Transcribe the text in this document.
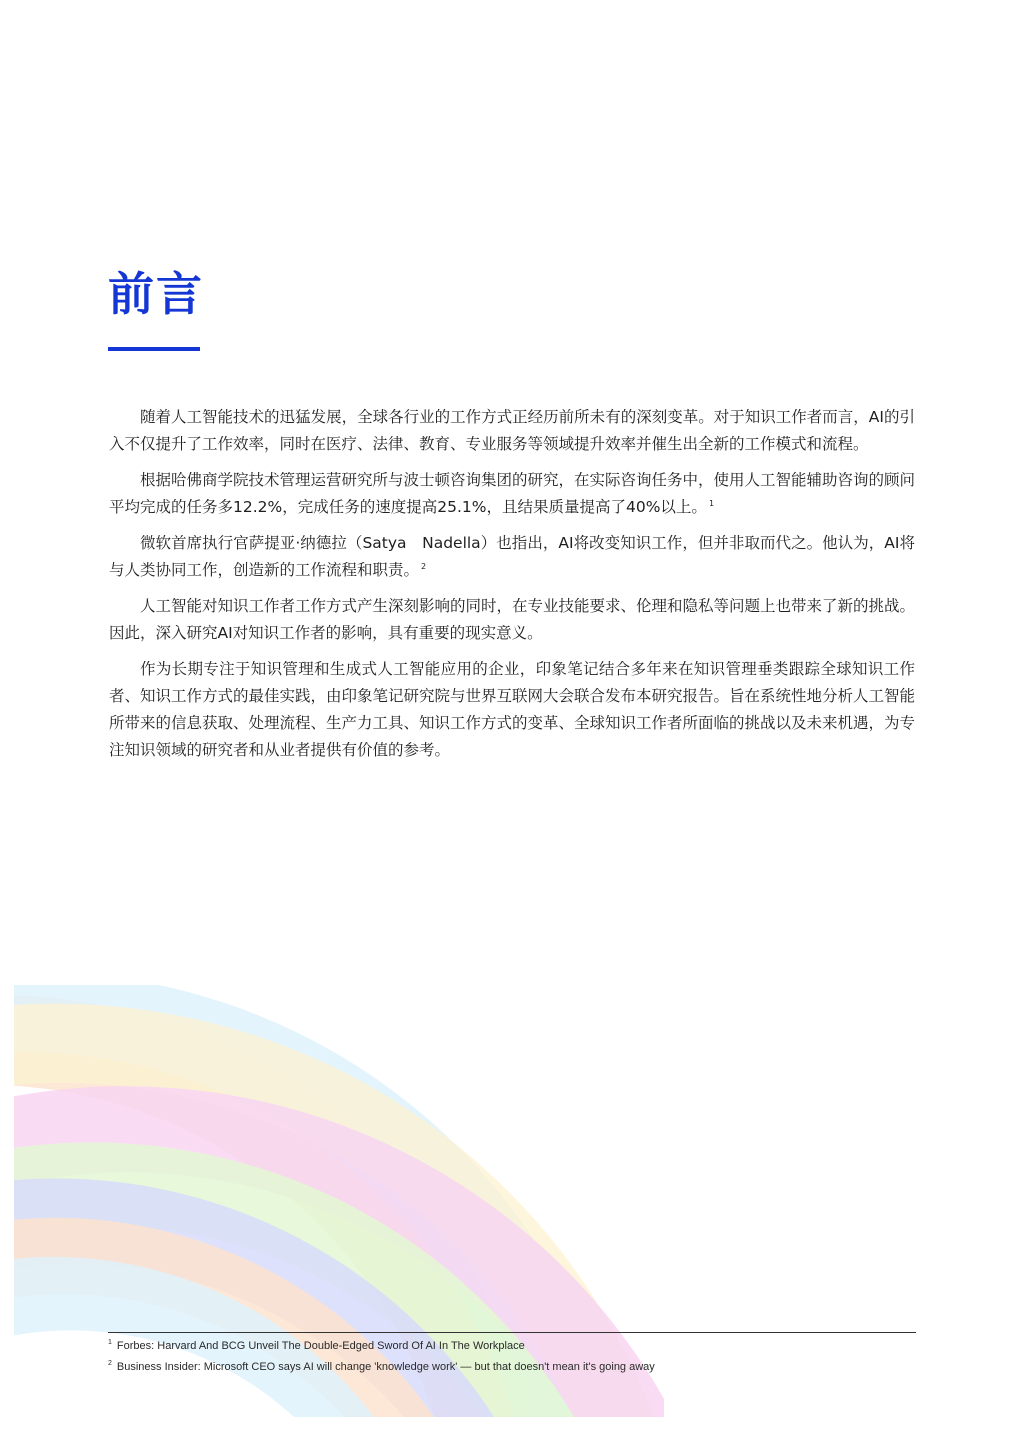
前言

随着人工智能技术的迅猛发展，全球各行业的工作方式正经历前所未有的深刻变革。对于知识工作者而言，AI的引入不仅提升了工作效率，同时在医疗、法律、教育、专业服务等领域提升效率并催生出全新的工作模式和流程。

根据哈佛商学院技术管理运营研究所与波士顿咨询集团的研究，在实际咨询任务中，使用人工智能辅助咨询的顾问平均完成的任务多12.2%，完成任务的速度提高25.1%，且结果质量提高了40%以上。 $^1$

微软首席执行官萨提亚·纳德拉（Satya　Nadella）也指出，AI将改变知识工作，但并非取而代之。他认为，AI将与人类协同工作，创造新的工作流程和职责。 $^2$

人工智能对知识工作者工作方式产生深刻影响的同时，在专业技能要求、伦理和隐私等问题上也带来了新的挑战。因此，深入研究AI对知识工作者的影响，具有重要的现实意义。

作为长期专注于知识管理和生成式人工智能应用的企业，印象笔记结合多年来在知识管理垂类跟踪全球知识工作者、知识工作方式的最佳实践，由印象笔记研究院与世界互联网大会联合发布本研究报告。旨在系统性地分析人工智能所带来的信息获取、处理流程、生产力工具、知识工作方式的变革、全球知识工作者所面临的挑战以及未来机遇，为专注知识领域的研究者和从业者提供有价值的参考。

$^1$ Forbes: Harvard And BCG Unveil The Double-Edged Sword Of AI In The Workplace

$^2$ Business Insider: Microsoft CEO says AI will change 'knowledge work' — but that doesn't mean it's going away
